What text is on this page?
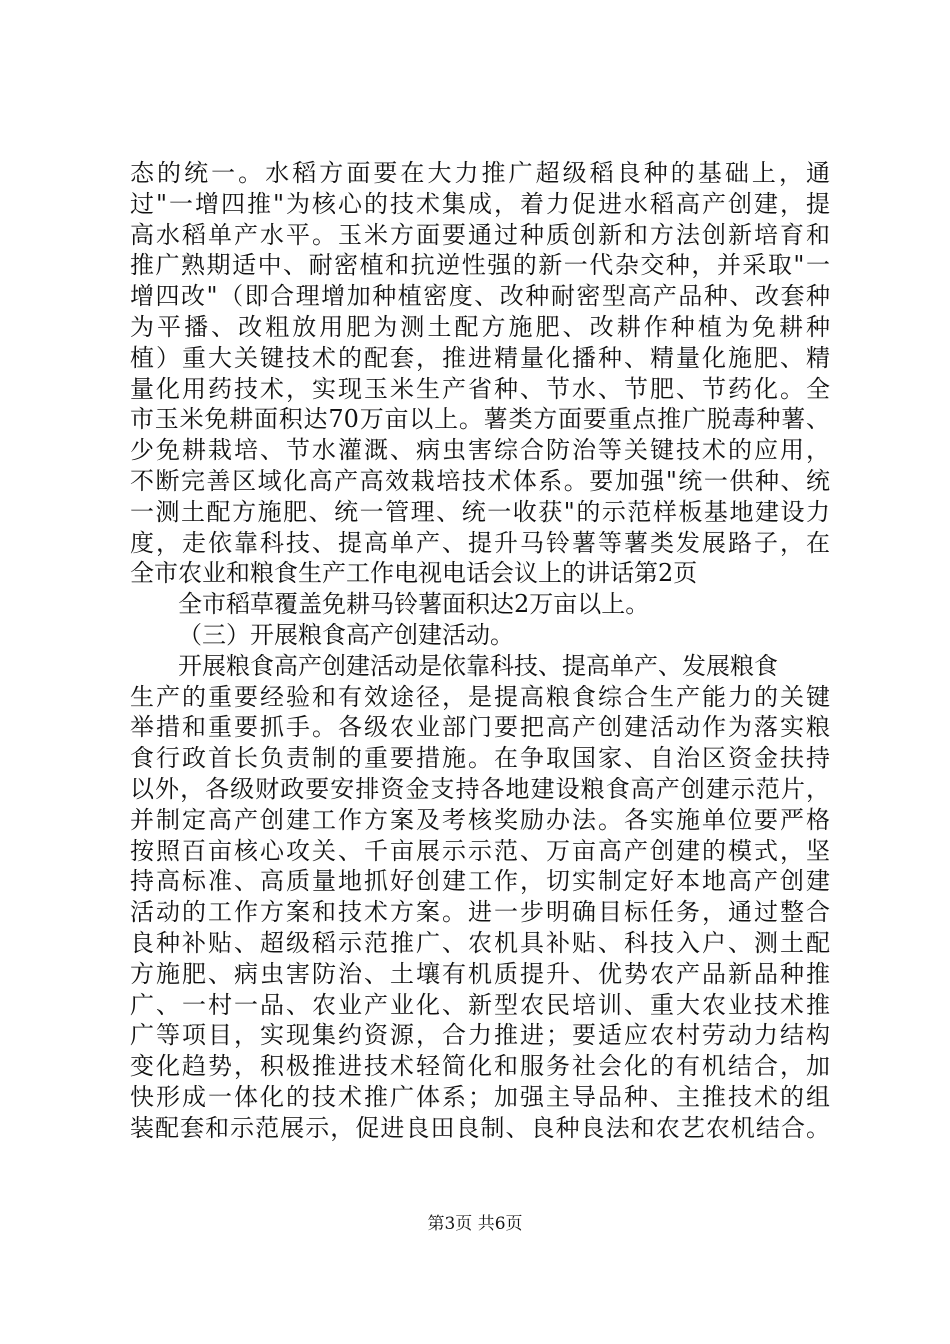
态的统一。水稻方面要在大力推广超级稻良种的基础上，通
过"一增四推"为核心的技术集成，着力促进水稻高产创建，提
高水稻单产水平。玉米方面要通过种质创新和方法创新培育和
推广熟期适中、耐密植和抗逆性强的新一代杂交种，并采取"一
增四改"（即合理增加种植密度、改种耐密型高产品种、改套种
为平播、改粗放用肥为测土配方施肥、改耕作种植为免耕种
植）重大关键技术的配套，推进精量化播种、精量化施肥、精
量化用药技术，实现玉米生产省种、节水、节肥、节药化。全
市玉米免耕面积达70万亩以上。薯类方面要重点推广脱毒种薯、
少免耕栽培、节水灌溉、病虫害综合防治等关键技术的应用，
不断完善区域化高产高效栽培技术体系。要加强"统一供种、统
一测土配方施肥、统一管理、统一收获"的示范样板基地建设力
度，走依靠科技、提高单产、提升马铃薯等薯类发展路子，在
全市农业和粮食生产工作电视电话会议上的讲话第2页
全市稻草覆盖免耕马铃薯面积达2万亩以上。
（三）开展粮食高产创建活动。
开展粮食高产创建活动是依靠科技、提高单产、发展粮食
生产的重要经验和有效途径，是提高粮食综合生产能力的关键
举措和重要抓手。各级农业部门要把高产创建活动作为落实粮
食行政首长负责制的重要措施。在争取国家、自治区资金扶持
以外，各级财政要安排资金支持各地建设粮食高产创建示范片，
并制定高产创建工作方案及考核奖励办法。各实施单位要严格
按照百亩核心攻关、千亩展示示范、万亩高产创建的模式，坚
持高标准、高质量地抓好创建工作，切实制定好本地高产创建
活动的工作方案和技术方案。进一步明确目标任务，通过整合
良种补贴、超级稻示范推广、农机具补贴、科技入户、测土配
方施肥、病虫害防治、土壤有机质提升、优势农产品新品种推
广、一村一品、农业产业化、新型农民培训、重大农业技术推
广等项目，实现集约资源，合力推进；要适应农村劳动力结构
变化趋势，积极推进技术轻简化和服务社会化的有机结合，加
快形成一体化的技术推广体系；加强主导品种、主推技术的组
装配套和示范展示，促进良田良制、良种良法和农艺农机结合。
第3页 共6页
